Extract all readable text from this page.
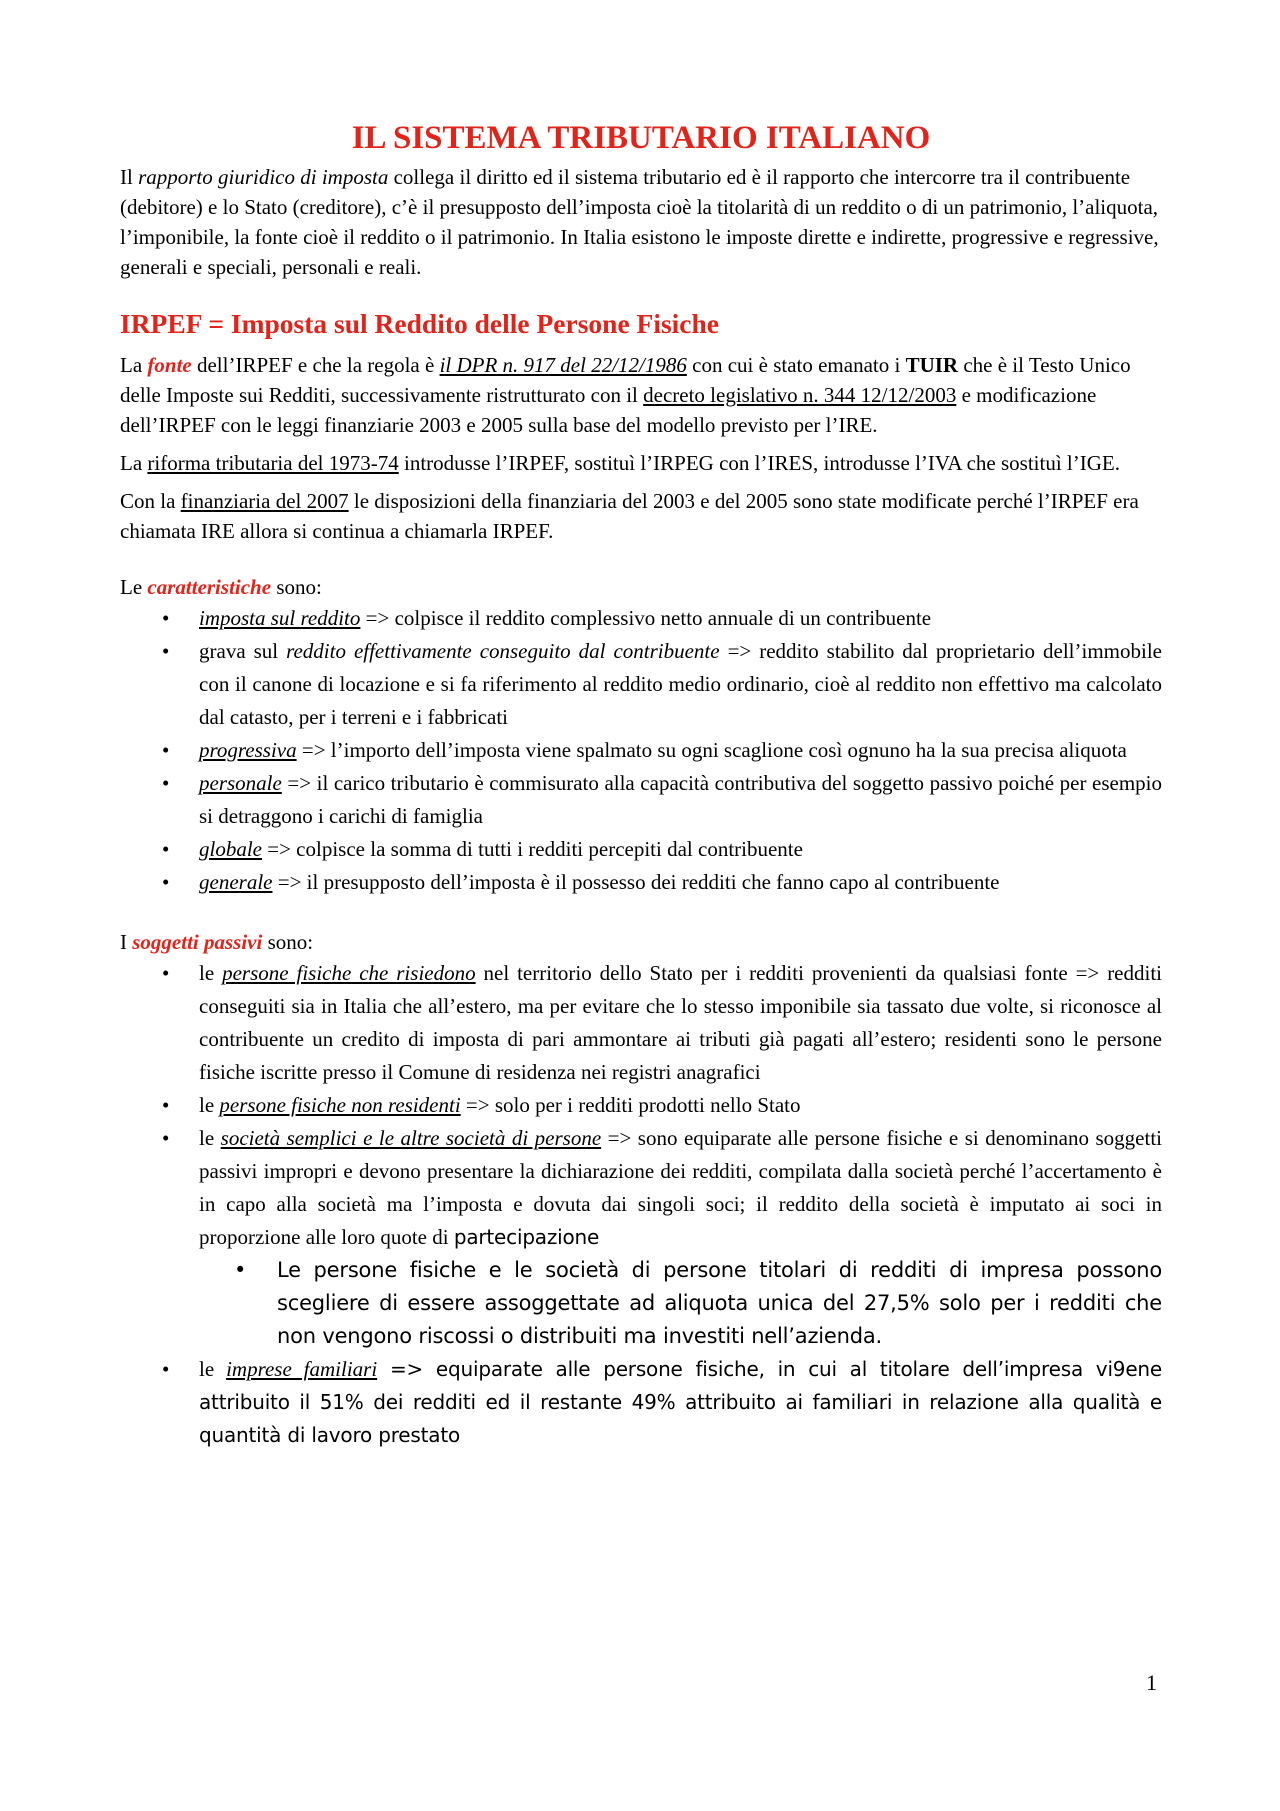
IL SISTEMA TRIBUTARIO ITALIANO

Il rapporto giuridico di imposta collega il diritto ed il sistema tributario ed è il rapporto che intercorre tra il contribuente (debitore) e lo Stato (creditore), c’è il presupposto dell’imposta cioè la titolarità di un reddito o di un patrimonio, l’aliquota, l’imponibile, la fonte cioè il reddito o il patrimonio. In Italia esistono le imposte dirette e indirette, progressive e regressive, generali e speciali, personali e reali.

IRPEF = Imposta sul Reddito delle Persone Fisiche

La fonte dell’IRPEF e che la regola è il DPR n. 917 del 22/12/1986 con cui è stato emanato i TUIR che è il Testo Unico delle Imposte sui Redditi, successivamente ristrutturato con il decreto legislativo n. 344 12/12/2003 e modificazione dell’IRPEF con le leggi finanziarie 2003 e 2005 sulla base del modello previsto per l’IRE.

La riforma tributaria del 1973-74 introdusse l’IRPEF, sostituì l’IRPEG con l’IRES, introdusse l’IVA che sostituì l’IGE.

Con la finanziaria del 2007 le disposizioni della finanziaria del 2003 e del 2005 sono state modificate perché l’IRPEF era chiamata IRE allora si continua a chiamarla IRPEF.

Le caratteristiche sono:

• imposta sul reddito => colpisce il reddito complessivo netto annuale di un contribuente
• grava sul reddito effettivamente conseguito dal contribuente => reddito stabilito dal proprietario dell’immobile con il canone di locazione e si fa riferimento al reddito medio ordinario, cioè al reddito non effettivo ma calcolato dal catasto, per i terreni e i fabbricati
• progressiva => l’importo dell’imposta viene spalmato su ogni scaglione così ognuno ha la sua precisa aliquota
• personale => il carico tributario è commisurato alla capacità contributiva del soggetto passivo poiché per esempio si detraggono i carichi di famiglia
• globale => colpisce la somma di tutti i redditi percepiti dal contribuente
• generale => il presupposto dell’imposta è il possesso dei redditi che fanno capo al contribuente

I soggetti passivi sono:

• le persone fisiche che risiedono nel territorio dello Stato per i redditi provenienti da qualsiasi fonte => redditi conseguiti sia in Italia che all’estero, ma per evitare che lo stesso imponibile sia tassato due volte, si riconosce al contribuente un credito di imposta di pari ammontare ai tributi già pagati all’estero; residenti sono le persone fisiche iscritte presso il Comune di residenza nei registri anagrafici
• le persone fisiche non residenti => solo per i redditi prodotti nello Stato
• le società semplici e le altre società di persone => sono equiparate alle persone fisiche e si denominano soggetti passivi impropri e devono presentare la dichiarazione dei redditi, compilata dalla società perché l’accertamento è in capo alla società ma l’imposta e dovuta dai singoli soci; il reddito della società è imputato ai soci in proporzione alle loro quote di partecipazione
• Le persone fisiche e le società di persone titolari di redditi di impresa possono scegliere di essere assoggettate ad aliquota unica del 27,5% solo per i redditi che non vengono riscossi o distribuiti ma investiti nell’azienda.
• le imprese familiari => equiparate alle persone fisiche, in cui al titolare dell’impresa vi9ene attribuito il 51% dei redditi ed il restante 49% attribuito ai familiari in relazione alla qualità e quantità di lavoro prestato
1
